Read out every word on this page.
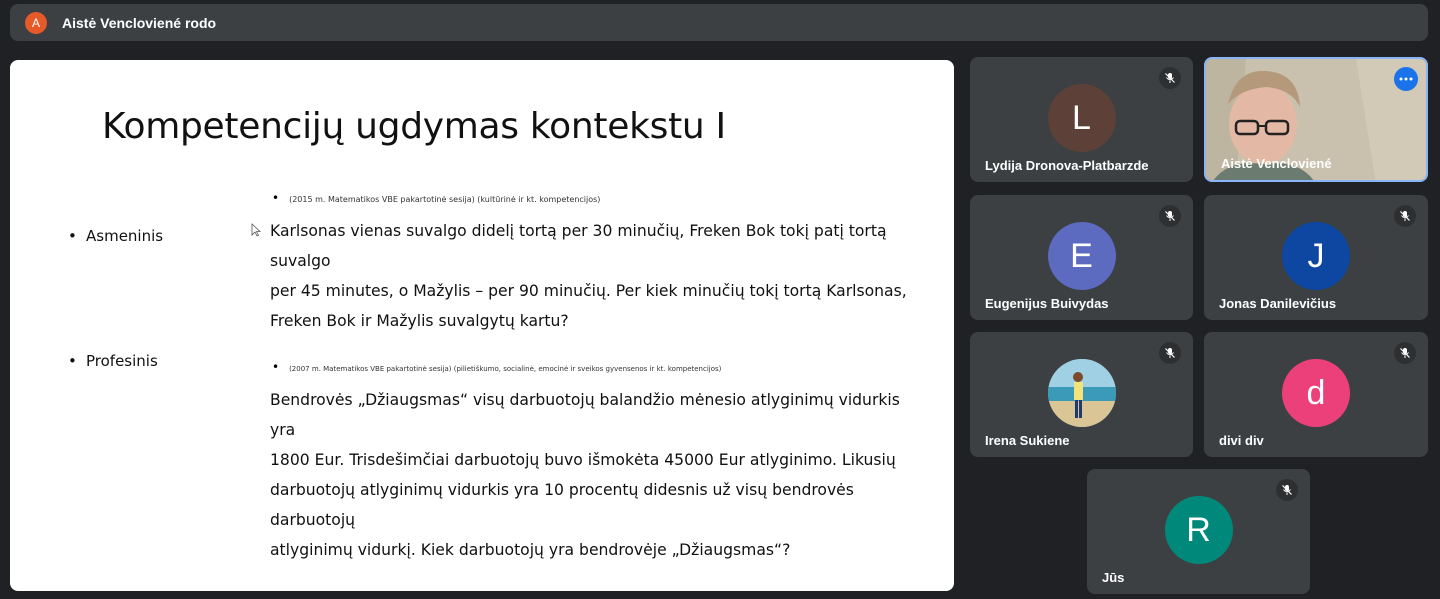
A	Aistė Vencloviené rodo
Kompetencijų ugdymas kontekstu I
• (2015 m. Matematikos VBE pakartotinė sesija) (kultūrinė ir kt. kompetencijos)
• Asmeninis	Karlsonas vienas suvalgo didelį tortą per 30 minučių, Freken Bok tokį patį tortą suvalgo
per 45 minutes, o Mažylis – per 90 minučių. Per kiek minučių tokį tortą Karlsonas,
Freken Bok ir Mažylis suvalgytų kartu?
• Profesinis	• (2007 m. Matematikos VBE pakartotinė sesija) (pilietiškumo, socialinė, emocinė ir sveikos gyvensenos ir kt. kompetencijos)
Bendrovės „Džiaugsmas“ visų darbuotojų balandžio mėnesio atlyginimų vidurkis yra
1800 Eur. Trisdešimčiai darbuotojų buvo išmokėta 45000 Eur atlyginimo. Likusių
darbuotojų atlyginimų vidurkis yra 10 procentų didesnis už visų bendrovės darbuotojų
atlyginimų vidurkį. Kiek darbuotojų yra bendrovėje „Džiaugsmas“?
L
Lydija Dronova-Platbarzde	Aistė Vencloviené
E
Eugenijus Buivydas
J
Jonas Danilevičius
Irena Sukiene
d
divi div
R
Jūs
